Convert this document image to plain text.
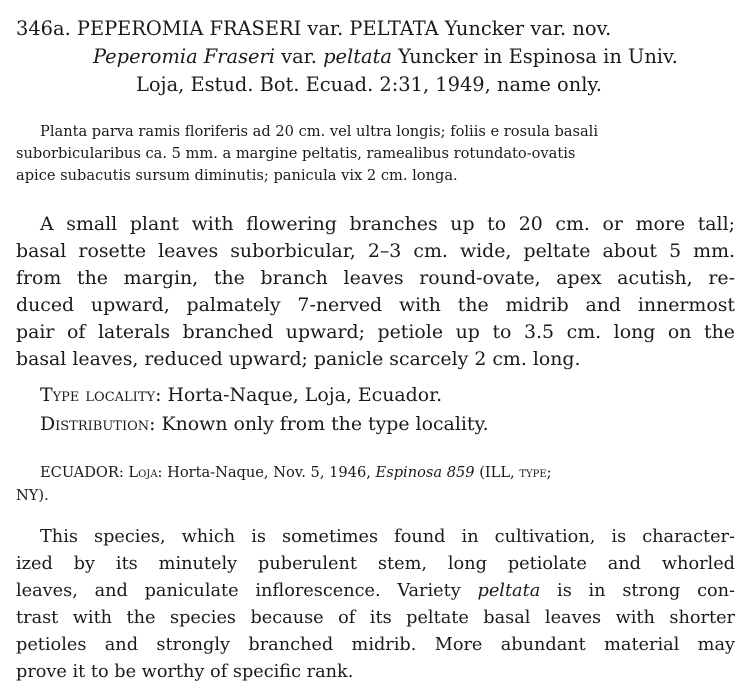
346a. PEPEROMIA FRASERI var. PELTATA Yuncker var. nov.

Peperomia Fraseri var. peltata Yuncker in Espinosa in Univ.

Loja, Estud. Bot. Ecuad. 2:31, 1949, name only.

Planta parva ramis floriferis ad 20 cm. vel ultra longis; foliis e rosula basali

suborbicularibus ca. 5 mm. a margine peltatis, ramealibus rotundato-ovatis

apice subacutis sursum diminutis; panicula vix 2 cm. longa.

A small plant with flowering branches up to 20 cm. or more tall;

basal rosette leaves suborbicular, 2–3 cm. wide, peltate about 5 mm.

from the margin, the branch leaves round-ovate, apex acutish, re-

duced upward, palmately 7-nerved with the midrib and innermost

pair of laterals branched upward; petiole up to 3.5 cm. long on the

basal leaves, reduced upward; panicle scarcely 2 cm. long.

Type locality: Horta-Naque, Loja, Ecuador.

Distribution: Known only from the type locality.

ECUADOR: Loja: Horta-Naque, Nov. 5, 1946, Espinosa 859 (ILL, type;

NY).

This species, which is sometimes found in cultivation, is character-

ized by its minutely puberulent stem, long petiolate and whorled

leaves, and paniculate inflorescence. Variety peltata is in strong con-

trast with the species because of its peltate basal leaves with shorter

petioles and strongly branched midrib. More abundant material may

prove it to be worthy of specific rank.
